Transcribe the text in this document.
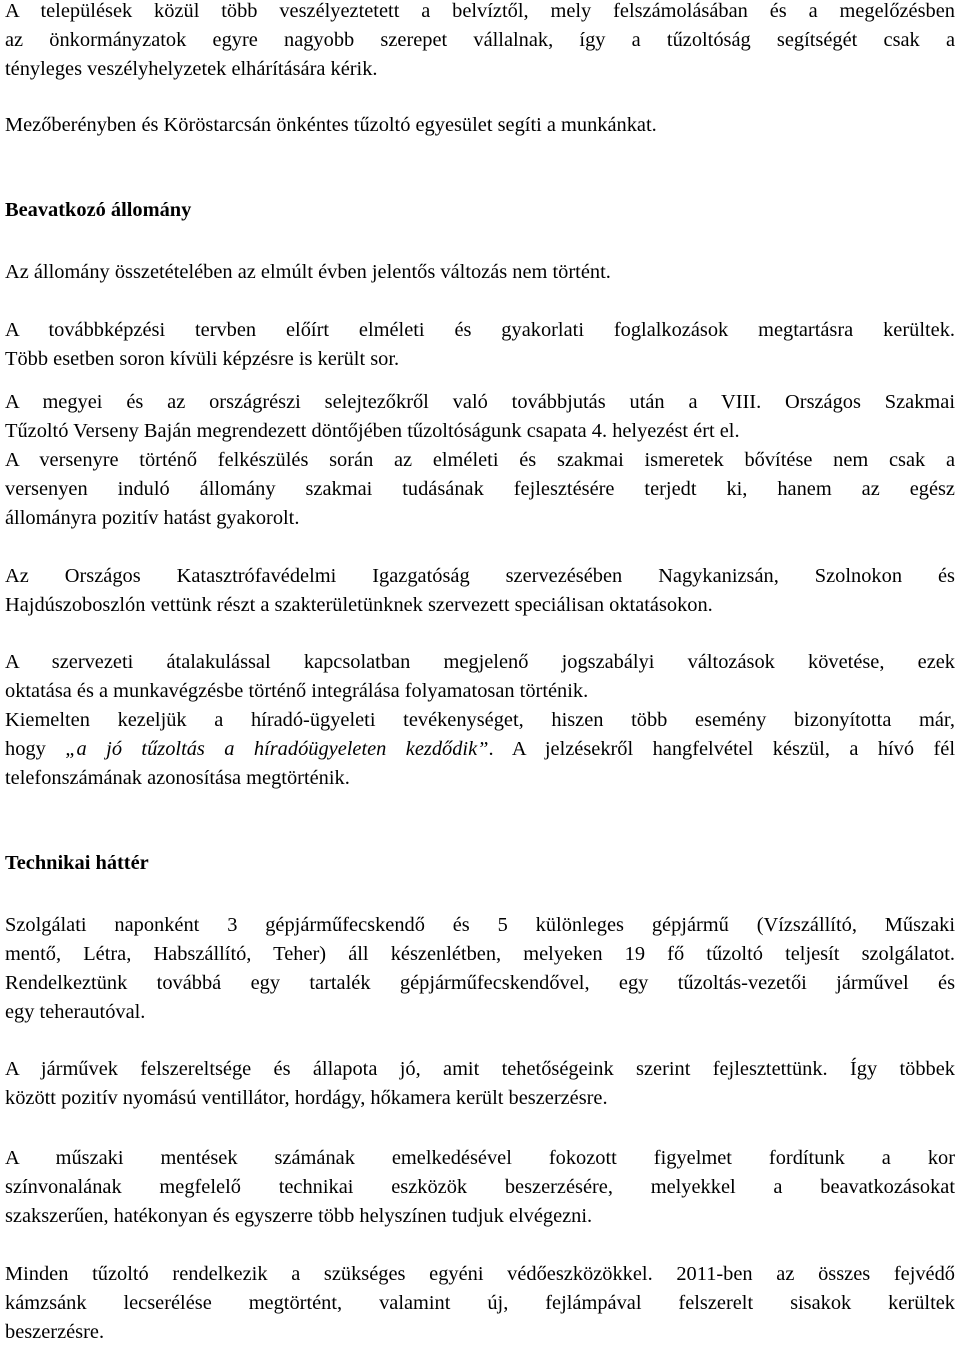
A települések közül több veszélyeztetett a belvíztől, mely felszámolásában és a megelőzésben
az önkormányzatok egyre nagyobb szerepet vállalnak, így a tűzoltóság segítségét csak a
tényleges veszélyhelyzetek elhárítására kérik.
Mezőberényben és Köröstarcsán önkéntes tűzoltó egyesület segíti a munkánkat.
Beavatkozó állomány
Az állomány összetételében az elmúlt évben jelentős változás nem történt.
A továbbképzési tervben előírt elméleti és gyakorlati foglalkozások megtartásra kerültek.
Több esetben soron kívüli képzésre is került sor.
A megyei és az országrészi selejtezőkről való továbbjutás után a VIII. Országos Szakmai
Tűzoltó Verseny Baján megrendezett döntőjében tűzoltóságunk csapata 4. helyezést ért el.
A versenyre történő felkészülés során az elméleti és szakmai ismeretek bővítése nem csak a
versenyen induló állomány szakmai tudásának fejlesztésére terjedt ki, hanem az egész
állományra pozitív hatást gyakorolt.
Az Országos Katasztrófavédelmi Igazgatóság szervezésében Nagykanizsán, Szolnokon és
Hajdúszoboszlón vettünk részt a szakterületünknek szervezett speciálisan oktatásokon.
A szervezeti átalakulással kapcsolatban megjelenő jogszabályi változások követése, ezek
oktatása és a munkavégzésbe történő integrálása folyamatosan történik.
Kiemelten kezeljük a híradó-ügyeleti tevékenységet, hiszen több esemény bizonyította már,
hogy „a jó tűzoltás a híradóügyeleten kezdődik”. A jelzésekről hangfelvétel készül, a hívó fél
telefonszámának azonosítása megtörténik.
Technikai háttér
Szolgálati naponként 3 gépjárműfecskendő és 5 különleges gépjármű (Vízszállító, Műszaki
mentő, Létra, Habszállító, Teher) áll készenlétben, melyeken 19 fő tűzoltó teljesít szolgálatot.
Rendelkeztünk továbbá egy tartalék gépjárműfecskendővel, egy tűzoltás-vezetői járművel és
egy teherautóval.
A járművek felszereltsége és állapota jó, amit tehetőségeink szerint fejlesztettünk. Így többek
között pozitív nyomású ventillátor, hordágy, hőkamera került beszerzésre.
A műszaki mentések számának emelkedésével fokozott figyelmet fordítunk a kor
színvonalának megfelelő technikai eszközök beszerzésére, melyekkel a beavatkozásokat
szakszerűen, hatékonyan és egyszerre több helyszínen tudjuk elvégezni.
Minden tűzoltó rendelkezik a szükséges egyéni védőeszközökkel. 2011-ben az összes fejvédő
kámzsánk lecserélése megtörtént, valamint új, fejlámpával felszerelt sisakok kerültek
beszerzésre.
